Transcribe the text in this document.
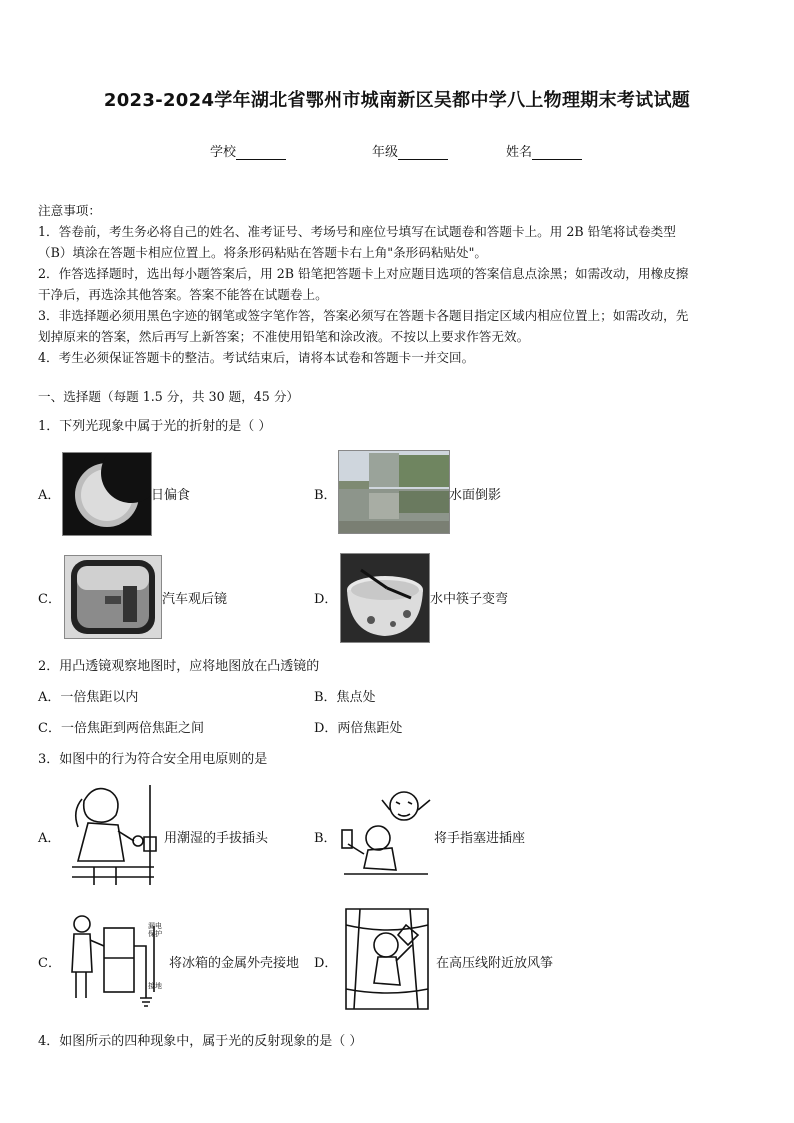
2023-2024学年湖北省鄂州市城南新区吴都中学八上物理期末考试试题
学校	年级	姓名
注意事项：
1．答卷前，考生务必将自己的姓名、准考证号、考场号和座位号填写在试题卷和答题卡上。用 2B 铅笔将试卷类型
（B）填涂在答题卡相应位置上。将条形码粘贴在答题卡右上角"条形码粘贴处"。
2．作答选择题时，选出每小题答案后，用 2B 铅笔把答题卡上对应题目选项的答案信息点涂黑；如需改动，用橡皮擦
干净后，再选涂其他答案。答案不能答在试题卷上。
3．非选择题必须用黑色字迹的钢笔或签字笔作答，答案必须写在答题卡各题目指定区域内相应位置上；如需改动，先
划掉原来的答案，然后再写上新答案；不准使用铅笔和涂改液。不按以上要求作答无效。
4．考生必须保证答题卡的整洁。考试结束后，请将本试卷和答题卡一并交回。
一、选择题（每题 1.5 分，共 30 题，45 分）
1．下列光现象中属于光的折射的是（ ）
A．	日偏食	B．	水面倒影
C．	汽车观后镜	D．	水中筷子变弯
2．用凸透镜观察地图时，应将地图放在凸透镜的
A．一倍焦距以内	B．焦点处
C．一倍焦距到两倍焦距之间	D．两倍焦距处
3．如图中的行为符合安全用电原则的是
A．	用潮湿的手拔插头	B．	将手指塞进插座
C．
漏电
保护
接地
将冰箱的金属外壳接地 D．	在高压线附近放风筝
4．如图所示的四种现象中，属于光的反射现象的是（ ）
